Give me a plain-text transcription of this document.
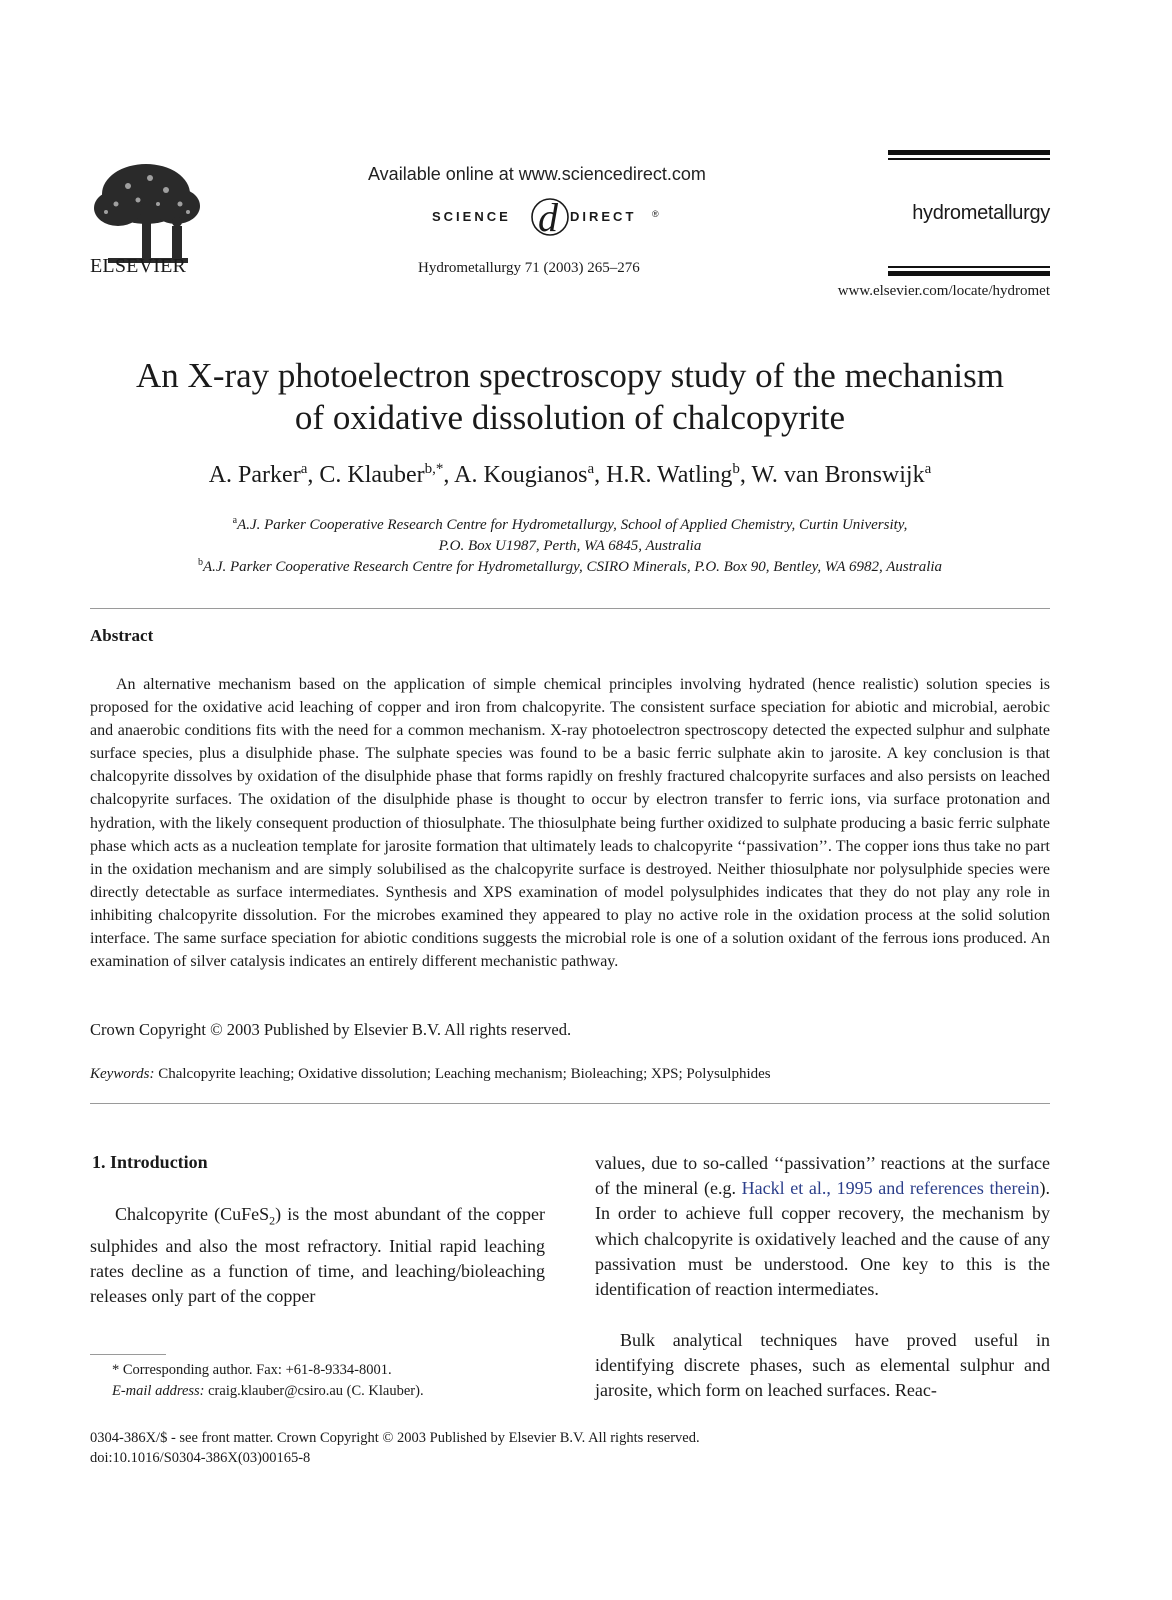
ELSEVIER
Available online at www.sciencedirect.com
SCIENCE d DIRECT ®
Hydrometallurgy 71 (2003) 265–276
hydrometallurgy
www.elsevier.com/locate/hydromet
An X-ray photoelectron spectroscopy study of the mechanism
of oxidative dissolution of chalcopyrite
A. Parker$^a$, C. Klauber$^{b,*}$, A. Kougianos$^a$, H.R. Watling$^b$, W. van Bronswijk$^a$
$^a$A.J. Parker Cooperative Research Centre for Hydrometallurgy, School of Applied Chemistry, Curtin University,
P.O. Box U1987, Perth, WA 6845, Australia
$^b$A.J. Parker Cooperative Research Centre for Hydrometallurgy, CSIRO Minerals, P.O. Box 90, Bentley, WA 6982, Australia
Abstract

An alternative mechanism based on the application of simple chemical principles involving hydrated (hence realistic) solution species is proposed for the oxidative acid leaching of copper and iron from chalcopyrite. The consistent surface speciation for abiotic and microbial, aerobic and anaerobic conditions fits with the need for a common mechanism. X-ray photoelectron spectroscopy detected the expected sulphur and sulphate surface species, plus a disulphide phase. The sulphate species was found to be a basic ferric sulphate akin to jarosite. A key conclusion is that chalcopyrite dissolves by oxidation of the disulphide phase that forms rapidly on freshly fractured chalcopyrite surfaces and also persists on leached chalcopyrite surfaces. The oxidation of the disulphide phase is thought to occur by electron transfer to ferric ions, via surface protonation and hydration, with the likely consequent production of thiosulphate. The thiosulphate being further oxidized to sulphate producing a basic ferric sulphate phase which acts as a nucleation template for jarosite formation that ultimately leads to chalcopyrite ‘‘passivation’’. The copper ions thus take no part in the oxidation mechanism and are simply solubilised as the chalcopyrite surface is destroyed. Neither thiosulphate nor polysulphide species were directly detectable as surface intermediates. Synthesis and XPS examination of model polysulphides indicates that they do not play any role in inhibiting chalcopyrite dissolution. For the microbes examined they appeared to play no active role in the oxidation process at the solid solution interface. The same surface speciation for abiotic conditions suggests the microbial role is one of a solution oxidant of the ferrous ions produced. An examination of silver catalysis indicates an entirely different mechanistic pathway.

Crown Copyright © 2003 Published by Elsevier B.V. All rights reserved.
Keywords: Chalcopyrite leaching; Oxidative dissolution; Leaching mechanism; Bioleaching; XPS; Polysulphides
1. Introduction

Chalcopyrite (CuFeS$_2$) is the most abundant of the copper sulphides and also the most refractory. Initial rapid leaching rates decline as a function of time, and leaching/bioleaching releases only part of the copper

values, due to so-called ‘‘passivation’’ reactions at the surface of the mineral (e.g. Hackl et al., 1995 and references therein). In order to achieve full copper recovery, the mechanism by which chalcopyrite is oxidatively leached and the cause of any passivation must be understood. One key to this is the identification of reaction intermediates.

Bulk analytical techniques have proved useful in identifying discrete phases, such as elemental sulphur and jarosite, which form on leached surfaces. Reac-

* Corresponding author. Fax: +61-8-9334-8001.
E-mail address: craig.klauber@csiro.au (C. Klauber).
0304-386X/$ - see front matter. Crown Copyright © 2003 Published by Elsevier B.V. All rights reserved.
doi:10.1016/S0304-386X(03)00165-8
